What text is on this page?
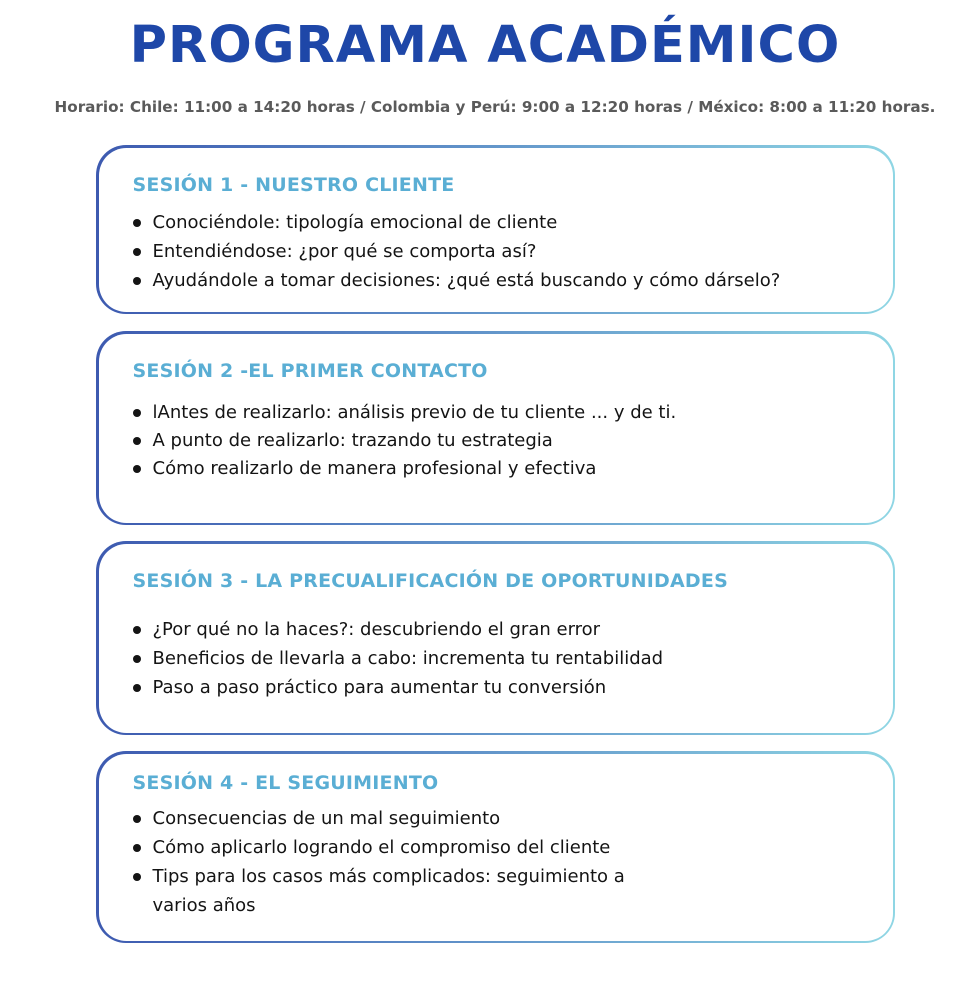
PROGRAMA ACADÉMICO
Horario: Chile: 11:00 a 14:20 horas / Colombia y Perú: 9:00 a 12:20 horas / México: 8:00 a 11:20 horas.
SESIÓN 1 - NUESTRO CLIENTE
Conociéndole: tipología emocional de cliente
Entendiéndose: ¿por qué se comporta así?
Ayudándole a tomar decisiones: ¿qué está buscando y cómo dárselo?
SESIÓN 2 -EL PRIMER CONTACTO
lAntes de realizarlo: análisis previo de tu cliente ... y de ti.
A punto de realizarlo: trazando tu estrategia
Cómo realizarlo de manera profesional y efectiva
SESIÓN 3 - LA PRECUALIFICACIÓN DE OPORTUNIDADES
¿Por qué no la haces?: descubriendo el gran error
Beneficios de llevarla a cabo: incrementa tu rentabilidad
Paso a paso práctico para aumentar tu conversión
SESIÓN 4 - EL SEGUIMIENTO
Consecuencias de un mal seguimiento
Cómo aplicarlo logrando el compromiso del cliente
Tips para los casos más complicados: seguimiento a
varios años
